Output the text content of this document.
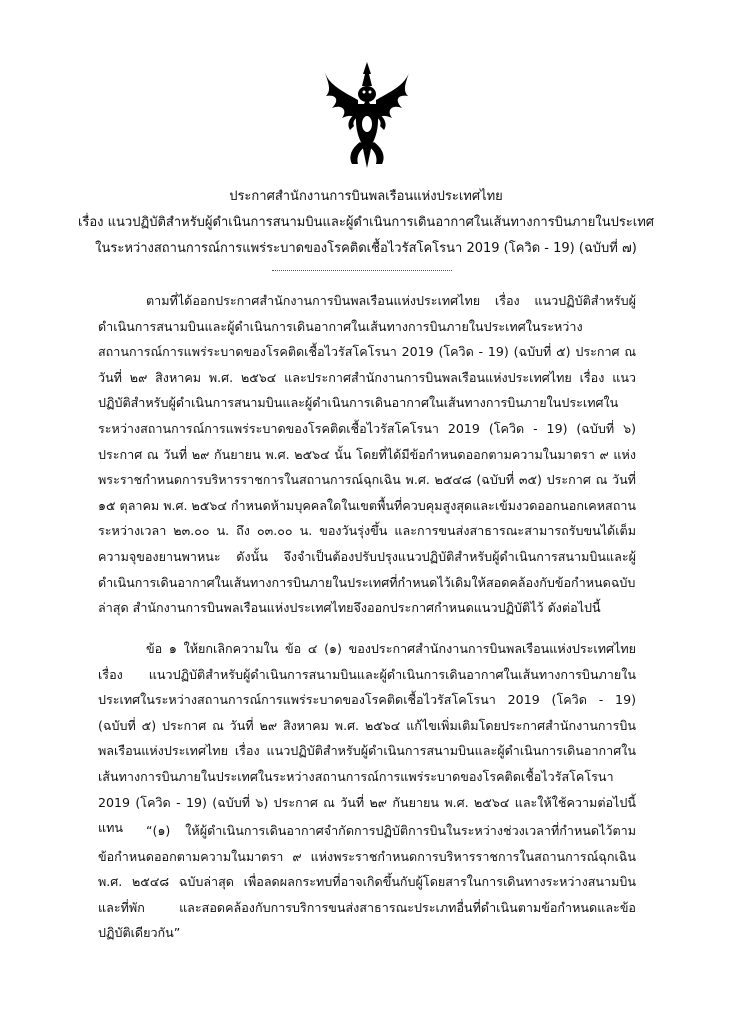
ประกาศสำนักงานการบินพลเรือนแห่งประเทศไทย
เรื่อง แนวปฏิบัติสำหรับผู้ดำเนินการสนามบินและผู้ดำเนินการเดินอากาศในเส้นทางการบินภายในประเทศ
ในระหว่างสถานการณ์การแพร่ระบาดของโรคติดเชื้อไวรัสโคโรนา 2019 (โควิด - 19) (ฉบับที่ ๗)

ตามที่ได้ออกประกาศสำนักงานการบินพลเรือนแห่งประเทศไทย เรื่อง แนวปฏิบัติสำหรับผู้ดำเนินการสนามบินและผู้ดำเนินการเดินอากาศในเส้นทางการบินภายในประเทศในระหว่างสถานการณ์การแพร่ระบาดของโรคติดเชื้อไวรัสโคโรนา 2019 (โควิด - 19) (ฉบับที่ ๕) ประกาศ ณ วันที่ ๒๙ สิงหาคม พ.ศ. ๒๕๖๔ และประกาศสำนักงานการบินพลเรือนแห่งประเทศไทย เรื่อง แนวปฏิบัติสำหรับผู้ดำเนินการสนามบินและผู้ดำเนินการเดินอากาศในเส้นทางการบินภายในประเทศในระหว่างสถานการณ์การแพร่ระบาดของโรคติดเชื้อไวรัสโคโรนา 2019 (โควิด - 19) (ฉบับที่ ๖) ประกาศ ณ วันที่ ๒๙ กันยายน พ.ศ. ๒๕๖๔ นั้น โดยที่ได้มีข้อกำหนดออกตามความในมาตรา ๙ แห่งพระราชกำหนดการบริหารราชการในสถานการณ์ฉุกเฉิน พ.ศ. ๒๕๔๘ (ฉบับที่ ๓๕) ประกาศ ณ วันที่ ๑๕ ตุลาคม พ.ศ. ๒๕๖๔ กำหนดห้ามบุคคลใดในเขตพื้นที่ควบคุมสูงสุดและเข้มงวดออกนอกเคหสถานระหว่างเวลา ๒๓.๐๐ น. ถึง ๐๓.๐๐ น. ของวันรุ่งขึ้น และการขนส่งสาธารณะสามารถรับขนได้เต็มความจุของยานพาหนะ ดังนั้น จึงจำเป็นต้องปรับปรุงแนวปฏิบัติสำหรับผู้ดำเนินการสนามบินและผู้ดำเนินการเดินอากาศในเส้นทางการบินภายในประเทศที่กำหนดไว้เดิมให้สอดคล้องกับข้อกำหนดฉบับล่าสุด สำนักงานการบินพลเรือนแห่งประเทศไทยจึงออกประกาศกำหนดแนวปฏิบัติไว้ ดังต่อไปนี้

ข้อ ๑ ให้ยกเลิกความใน ข้อ ๔ (๑) ของประกาศสำนักงานการบินพลเรือนแห่งประเทศไทย เรื่อง แนวปฏิบัติสำหรับผู้ดำเนินการสนามบินและผู้ดำเนินการเดินอากาศในเส้นทางการบินภายในประเทศในระหว่างสถานการณ์การแพร่ระบาดของโรคติดเชื้อไวรัสโคโรนา 2019 (โควิด - 19) (ฉบับที่ ๕) ประกาศ ณ วันที่ ๒๙ สิงหาคม พ.ศ. ๒๕๖๔ แก้ไขเพิ่มเติมโดยประกาศสำนักงานการบินพลเรือนแห่งประเทศไทย เรื่อง แนวปฏิบัติสำหรับผู้ดำเนินการสนามบินและผู้ดำเนินการเดินอากาศในเส้นทางการบินภายในประเทศในระหว่างสถานการณ์การแพร่ระบาดของโรคติดเชื้อไวรัสโคโรนา 2019 (โควิด - 19) (ฉบับที่ ๖) ประกาศ ณ วันที่ ๒๙ กันยายน พ.ศ. ๒๕๖๔ และให้ใช้ความต่อไปนี้แทน	“(๑) ให้ผู้ดำเนินการเดินอากาศจำกัดการปฏิบัติการบินในระหว่างช่วงเวลาที่กำหนดไว้ตามข้อกำหนดออกตามความในมาตรา ๙ แห่งพระราชกำหนดการบริหารราชการในสถานการณ์ฉุกเฉิน พ.ศ. ๒๕๔๘ ฉบับล่าสุด เพื่อลดผลกระทบที่อาจเกิดขึ้นกับผู้โดยสารในการเดินทางระหว่างสนามบินและที่พัก และสอดคล้องกับการบริการขนส่งสาธารณะประเภทอื่นที่ดำเนินตามข้อกำหนดและข้อปฏิบัติเดียวกัน”
